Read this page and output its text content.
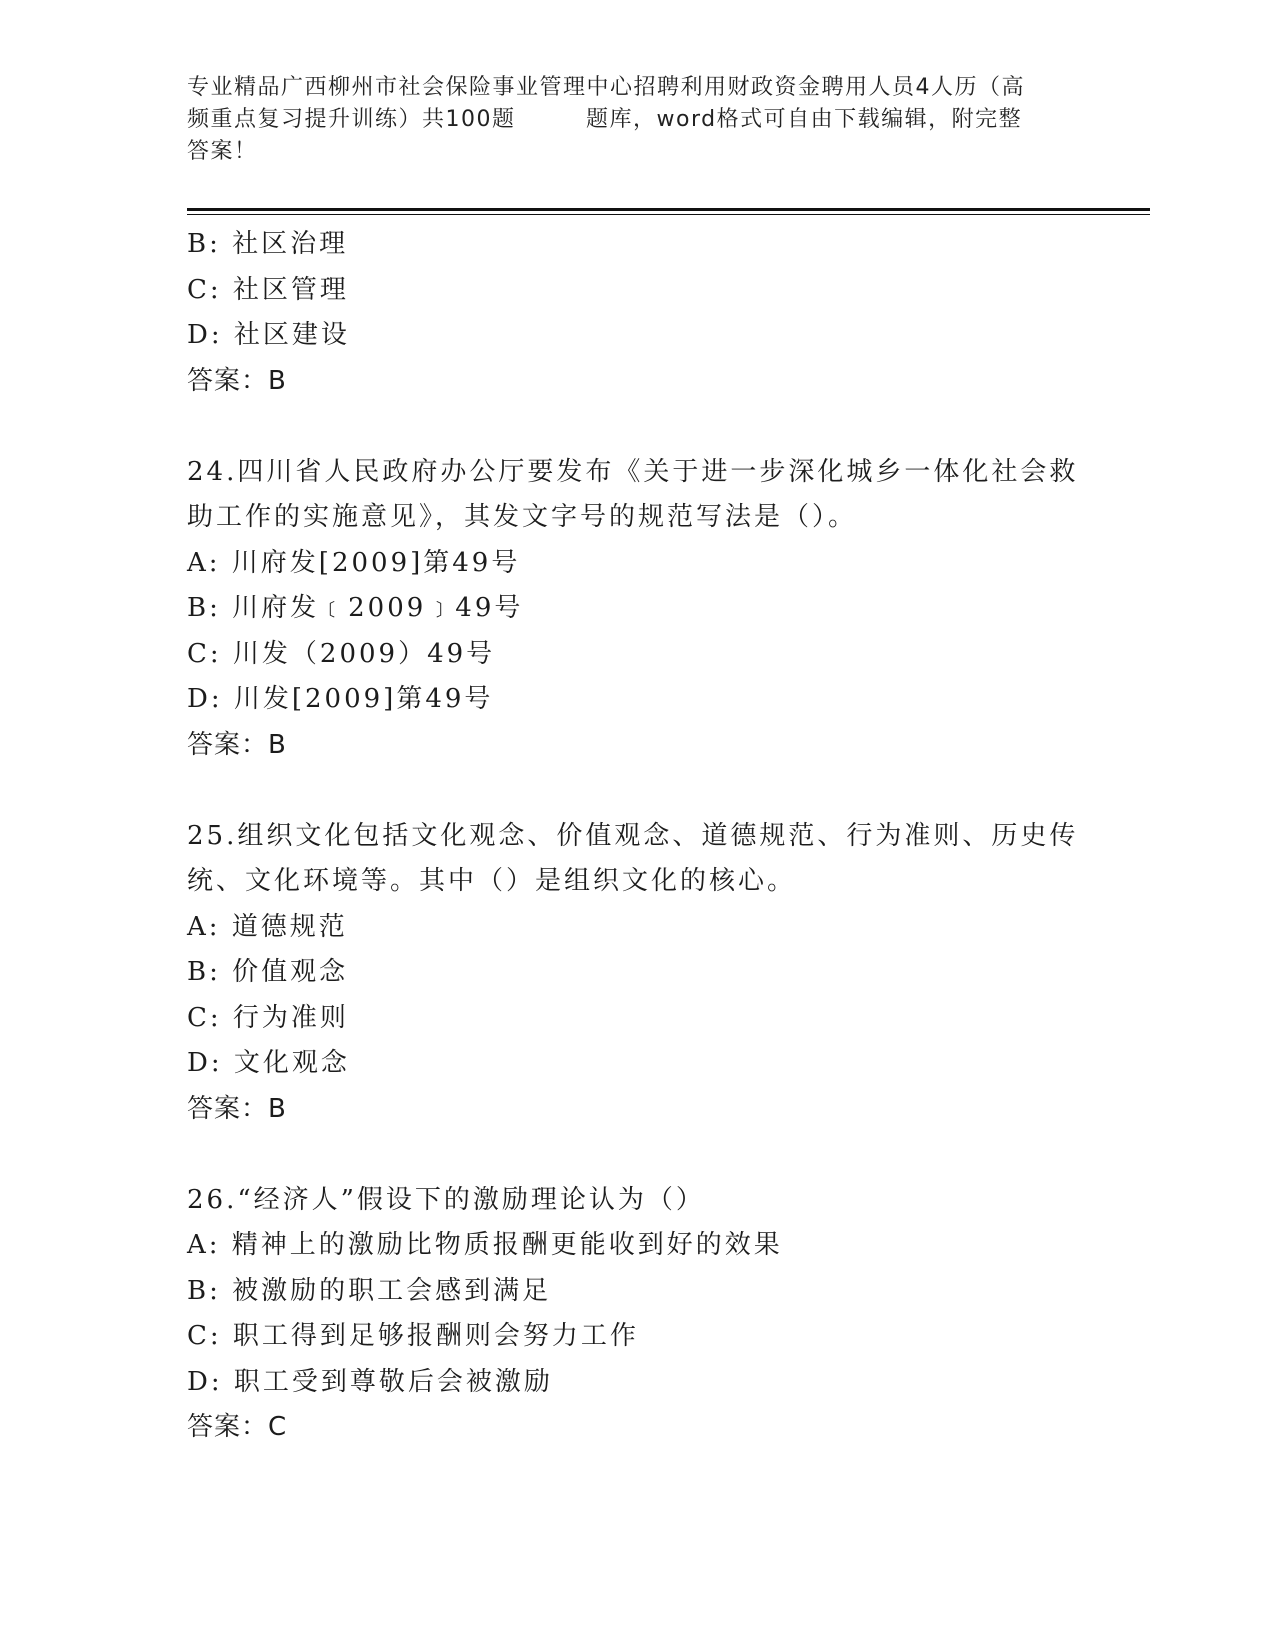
专业精品广西柳州市社会保险事业管理中心招聘利用财政资金聘用人员4人历（高
频重点复习提升训练）共100题　　　题库，word格式可自由下载编辑，附完整
答案！
B: 社区治理
C: 社区管理
D: 社区建设
答案：B
24.四川省人民政府办公厅要发布《关于进一步深化城乡一体化社会救
助工作的实施意见》，其发文字号的规范写法是（）。
A: 川府发[2009]第49号
B: 川府发﹝2009﹞49号
C: 川发（2009）49号
D: 川发[2009]第49号
答案：B
25.组织文化包括文化观念、价值观念、道德规范、行为准则、历史传
统、文化环境等。其中（）是组织文化的核心。
A: 道德规范
B: 价值观念
C: 行为准则
D: 文化观念
答案：B
26.“经济人”假设下的激励理论认为（）
A: 精神上的激励比物质报酬更能收到好的效果
B: 被激励的职工会感到满足
C: 职工得到足够报酬则会努力工作
D: 职工受到尊敬后会被激励
答案：C
